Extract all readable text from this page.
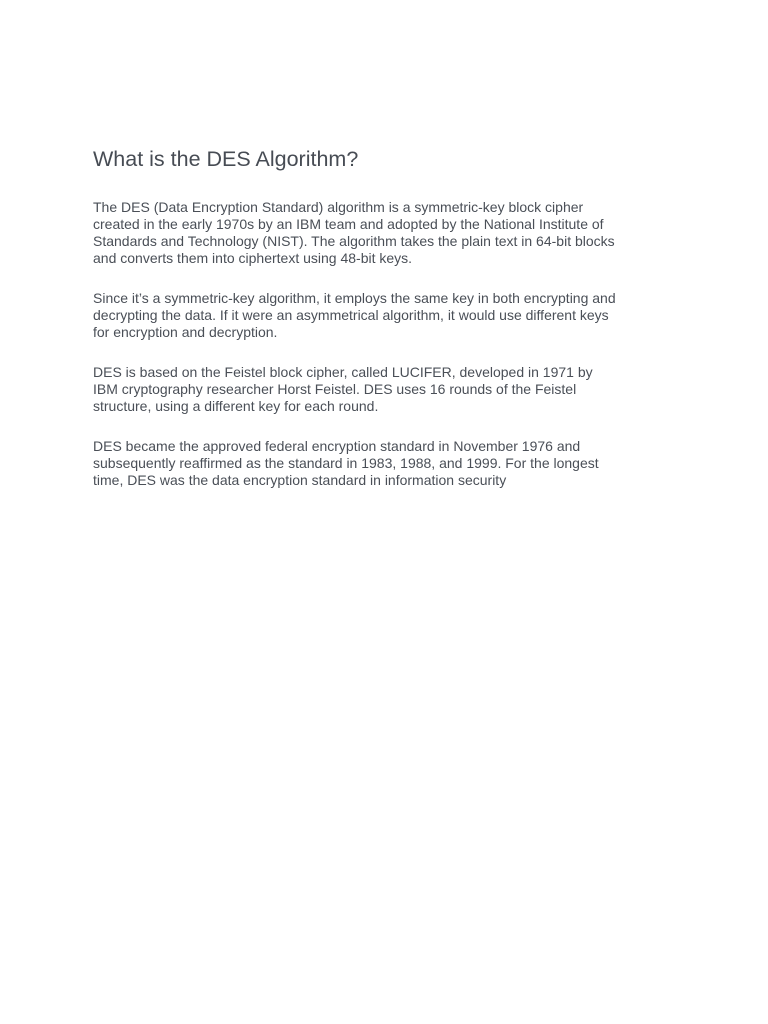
What is the DES Algorithm?

The DES (Data Encryption Standard) algorithm is a symmetric-key block cipher
created in the early 1970s by an IBM team and adopted by the National Institute of
Standards and Technology (NIST). The algorithm takes the plain text in 64-bit blocks
and converts them into ciphertext using 48-bit keys.

Since it’s a symmetric-key algorithm, it employs the same key in both encrypting and
decrypting the data. If it were an asymmetrical algorithm, it would use different keys
for encryption and decryption.

DES is based on the Feistel block cipher, called LUCIFER, developed in 1971 by
IBM cryptography researcher Horst Feistel. DES uses 16 rounds of the Feistel
structure, using a different key for each round.

DES became the approved federal encryption standard in November 1976 and
subsequently reaffirmed as the standard in 1983, 1988, and 1999. For the longest
time, DES was the data encryption standard in information security
